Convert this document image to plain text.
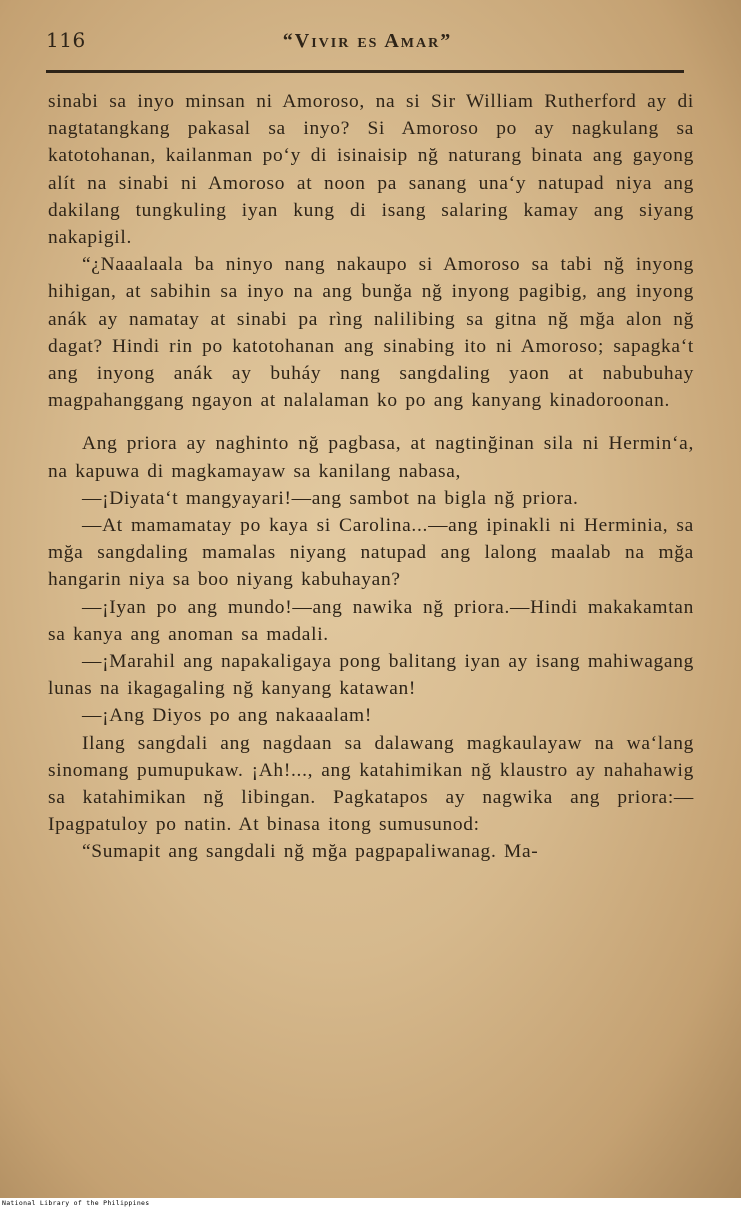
116	“Vivir es Amar”

sinabi sa inyo minsan ni Amoroso, na si Sir William Rutherford ay di nagtatangkang pakasal sa inyo? Si Amoroso po ay nagkulang sa katotohanan, kailanman po‘y di isinaisip nğ naturang binata ang gayong alít na sinabi ni Amoroso at noon pa sanang una‘y natupad niya ang dakilang tungkuling iyan kung di isang salaring kamay ang siyang nakapigil.

“¿Naaalaala ba ninyo nang nakaupo si Amoroso sa tabi nğ inyong hihigan, at sabihin sa inyo na ang bunğa nğ inyong pagibig, ang inyong anák ay namatay at sinabi pa rìng nalilibing sa gitna nğ mğa alon nğ dagat? Hindi rin po katotohanan ang sinabing ito ni Amoroso; sapagka‘t ang inyong anák ay buháy nang sangdaling yaon at nabubuhay magpahanggang ngayon at nalalaman ko po ang kanyang kinadoroonan.

Ang priora ay naghinto nğ pagbasa, at nagtinğinan sila ni Hermin‘a, na kapuwa di magkamayaw sa kanilang nabasa,

—¡Diyata‘t mangyayari!—ang sambot na bigla nğ priora.

—At mamamatay po kaya si Carolina...—ang ipinakli ni Herminia, sa mğa sangdaling mamalas niyang natupad ang lalong maalab na mğa hangarin niya sa boo niyang kabuhayan?

—¡Iyan po ang mundo!—ang nawika nğ priora.—Hindi makakamtan sa kanya ang anoman sa madali.

—¡Marahil ang napakaligaya pong balitang iyan ay isang mahiwagang lunas na ikagagaling nğ kanyang katawan!

—¡Ang Diyos po ang nakaaalam!

Ilang sangdali ang nagdaan sa dalawang magkaulayaw na wa‘lang sinomang pumupukaw. ¡Ah!..., ang katahimikan nğ klaustro ay nahahawig sa katahimikan nğ libingan. Pagkatapos ay nagwika ang priora:—Ipagpatuloy po natin. At binasa itong sumusunod:

“Sumapit ang sangdali nğ mğa pagpapaliwanag. Ma-

National Library of the Philippines
